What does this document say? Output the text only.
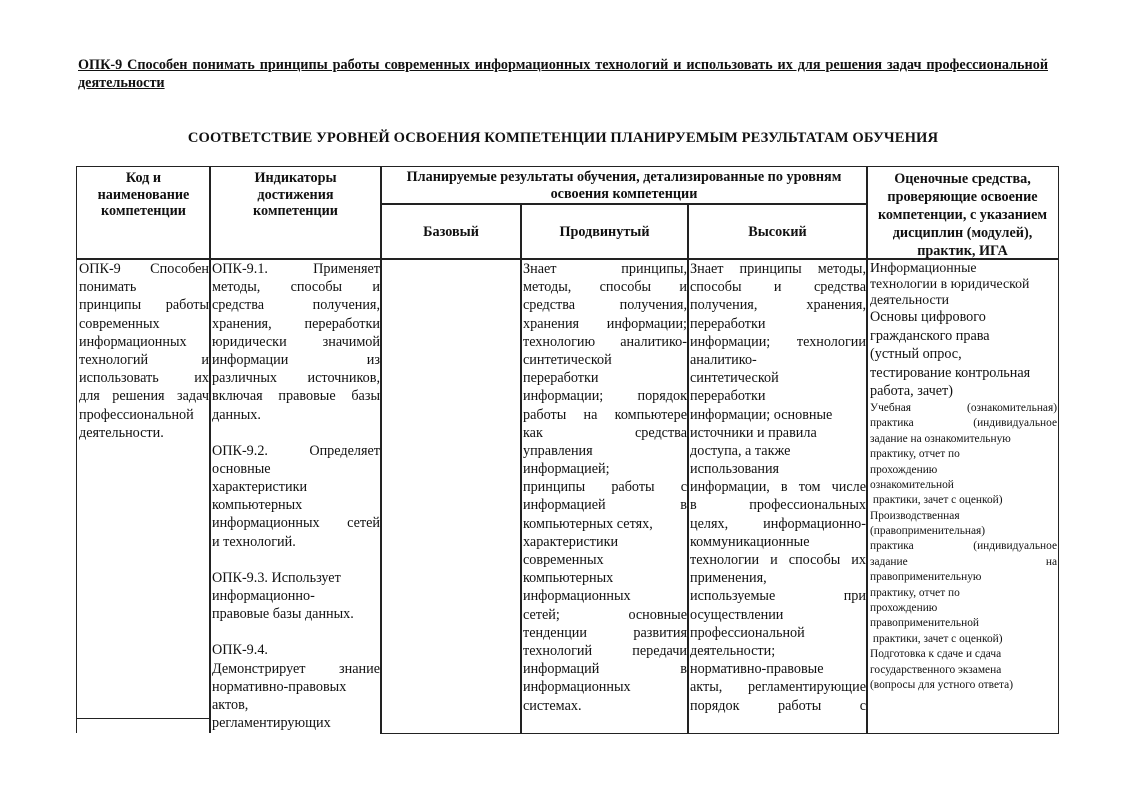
ОПК-9 Способен понимать принципы работы современных информационных технологий и использовать их для решения задач профессиональной деятельности
СООТВЕТСТВИЕ УРОВНЕЙ ОСВОЕНИЯ КОМПЕТЕНЦИИ ПЛАНИРУЕМЫМ РЕЗУЛЬТАТАМ ОБУЧЕНИЯ
Код и наименование компетенции
Индикаторы достижения компетенции
Планируемые результаты обучения, детализированные по уровням освоения компетенции
Базовый	Продвинутый	Высокий
Оценочные средства, проверяющие освоение компетенции, с указанием дисциплин (модулей), практик, ИГА
ОПК-9 Способен
понимать
принципы работы
современных
информационных
технологий и
использовать их
для решения задач
профессиональной
деятельности.
ОПК-9.1. Применяет
методы, способы и
средства получения,
хранения, переработки
юридически значимой
информации из
различных источников,
включая правовые базы
данных.
ОПК-9.2. Определяет
основные
характеристики
компьютерных
информационных сетей
и технологий.
ОПК-9.3. Использует
информационно-
правовые базы данных.
ОПК-9.4.
Демонстрирует знание
нормативно-правовых
актов,
регламентирующих
Знает принципы,
методы, способы и
средства получения,
хранения информации;
технологию аналитико-
синтетической
переработки
информации; порядок
работы на компьютере
как средства
управления
информацией;
принципы работы с
информацией в
компьютерных сетях,
характеристики
современных
компьютерных
информационных
сетей; основные
тенденции развития
технологий передачи
информаций в
информационных
системах.
Знает принципы методы,
способы и средства
получения, хранения,
переработки
информации; технологии
аналитико-
синтетической
переработки
информации; основные
источники и правила
доступа, а также
использования
информации, в том числе
в профессиональных
целях, информационно-
коммуникационные
технологии и способы их
применения,
используемые при
осуществлении
профессиональной
деятельности;
нормативно-правовые
акты, регламентирующие
порядок работы с
Информационные
технологии в юридической
деятельности
Основы цифрового
гражданского права
(устный опрос,
тестирование контрольная
работа, зачет)
Учебная (ознакомительная)
практика (индивидуальное
задание на ознакомительную
практику, отчет по
прохождению
ознакомительной
практики, зачет с оценкой)
Производственная
(правоприменительная)
практика (индивидуальное
задание на
правоприменительную
практику, отчет по
прохождению
правоприменительной
практики, зачет с оценкой)
Подготовка к сдаче и сдача
государственного экзамена
(вопросы для устного ответа)
